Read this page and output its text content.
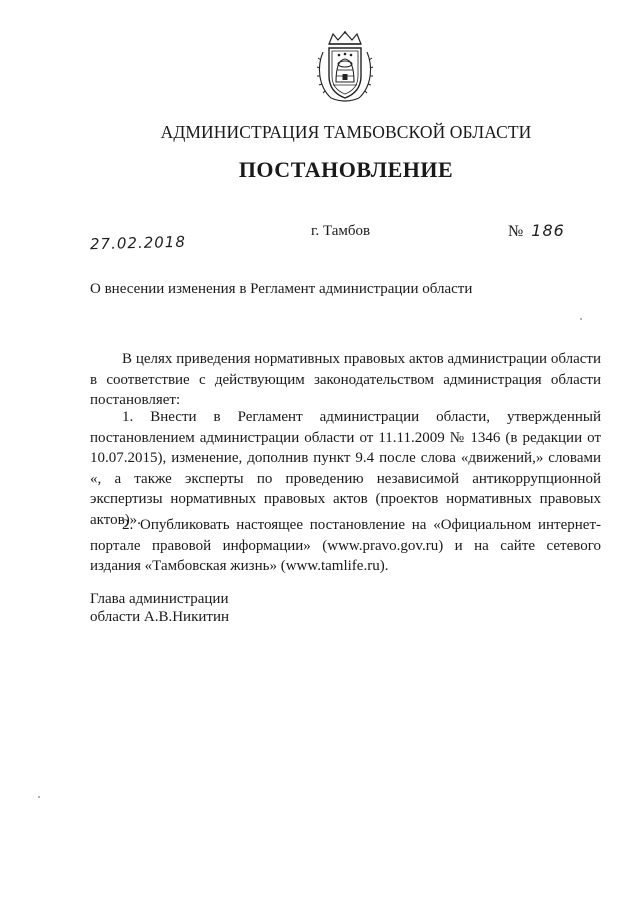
АДМИНИСТРАЦИЯ ТАМБОВСКОЙ ОБЛАСТИ
ПОСТАНОВЛЕНИЕ
27.02.2018
г. Тамбов	№ 186
О внесении изменения в Регламент администрации области

В целях приведения нормативных правовых актов администрации области в соответствие с действующим законодательством администрация области постановляет:

1. Внести в Регламент администрации области, утвержденный постановлением администрации области от 11.11.2009 № 1346 (в редакции от 10.07.2015), изменение, дополнив пункт 9.4 после слова «движений,» словами «, а также эксперты по проведению независимой антикоррупционной экспертизы нормативных правовых актов (проектов нормативных правовых актов)».

2. Опубликовать настоящее постановление на «Официальном интернет-портале правовой информации» (www.pravo.gov.ru) и на сайте сетевого издания «Тамбовская жизнь» (www.tamlife.ru).

Глава администрации
области А.В.Никитин
